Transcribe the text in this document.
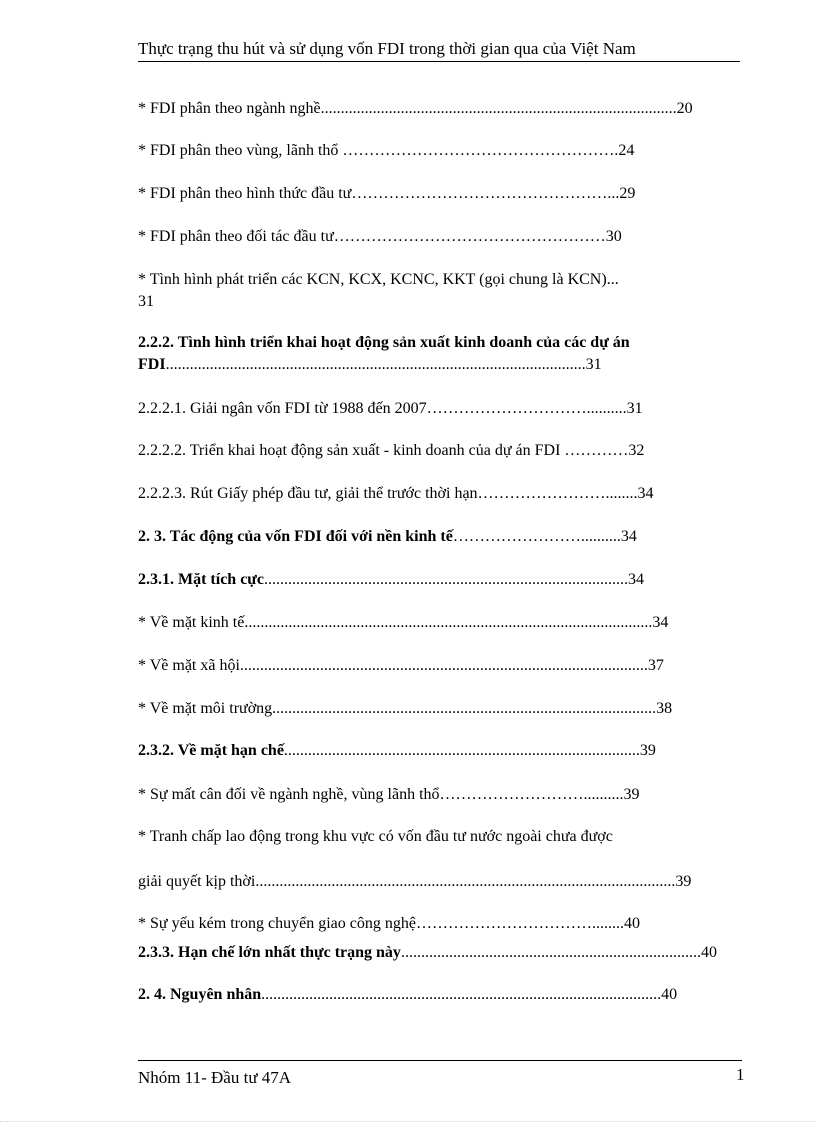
Thực trạng thu hút và sử dụng vốn FDI trong thời gian qua của Việt Nam
* FDI phân theo ngành nghề.........................................................................................20
* FDI phân theo vùng, lãnh thổ …………………………………………….24
* FDI phân theo hình thức đầu tư…………………………………………...29
* FDI phân theo đối tác đầu tư……………………………………………30
* Tình hình phát triển các KCN, KCX, KCNC, KKT (gọi chung là KCN)...
31
2.2.2. Tình hình triển khai hoạt động sản xuất kinh doanh của các dự án
FDI.........................................................................................................31
2.2.2.1. Giải ngân vốn FDI từ 1988 đến 2007…………………………..........31
2.2.2.2. Triển khai hoạt động sản xuất - kinh doanh của dự án FDI …………32
2.2.2.3. Rút Giấy phép đầu tư, giải thể trước thời hạn……………………........34
2. 3. Tác động của vốn FDI đối với nền kinh tế……………………..........34
2.3.1. Mặt tích cực...........................................................................................34
* Về mặt kinh tế......................................................................................................34
* Về mặt xã hội......................................................................................................37
* Về mặt môi trường................................................................................................38
2.3.2. Về mặt hạn chế.........................................................................................39
* Sự mất cân đối về ngành nghề, vùng lãnh thổ………………………..........39
* Tranh chấp lao động trong khu vực có vốn đầu tư nước ngoài chưa được
giải quyết kịp thời.........................................................................................................39
* Sự yếu kém trong chuyển giao công nghệ……………………………........40
2.3.3. Hạn chế lớn nhất thực trạng này...........................................................................40
2. 4. Nguyên nhân....................................................................................................40
Nhóm 11- Đầu tư 47A	1
